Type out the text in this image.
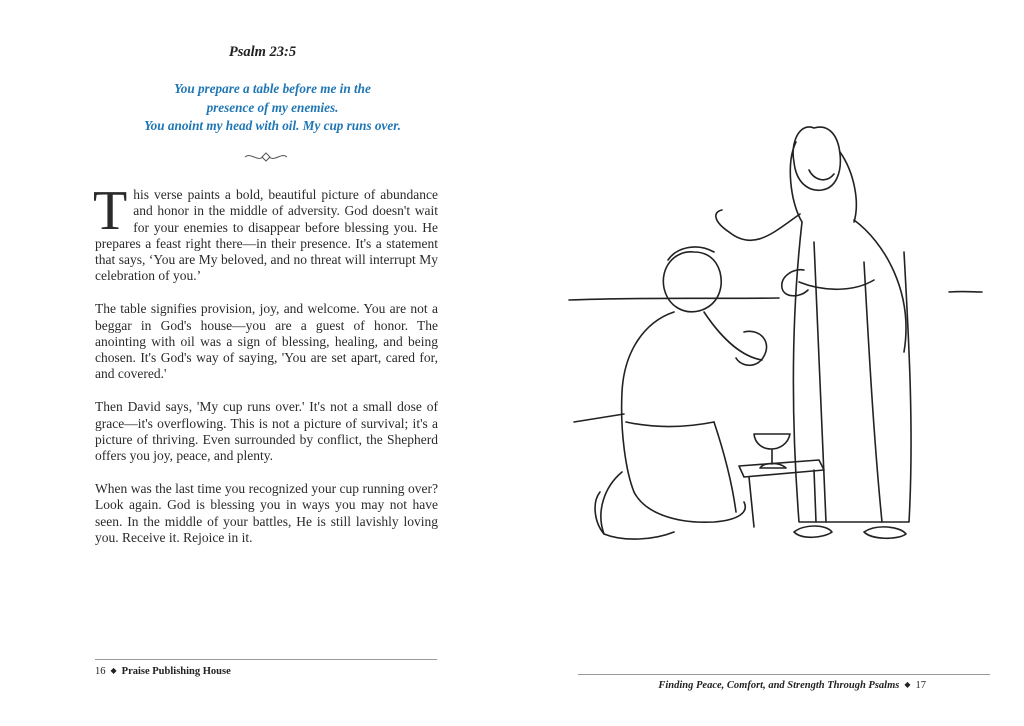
Psalm 23:5
You prepare a table before me in the
presence of my enemies.
You anoint my head with oil. My cup runs over.

This verse paints a bold, beautiful picture of abundance and honor in the middle of adversity. God doesn't wait for your enemies to disappear before blessing you. He prepares a feast right there—in their presence. It's a statement that says, ‘You are My beloved, and no threat will interrupt My celebration of you.’

The table signifies provision, joy, and welcome. You are not a beggar in God's house—you are a guest of honor. The anointing with oil was a sign of blessing, healing, and being chosen. It's God's way of saying, 'You are set apart, cared for, and covered.'

Then David says, 'My cup runs over.' It's not a small dose of grace—it's overflowing. This is not a picture of survival; it's a picture of thriving. Even surrounded by conflict, the Shepherd offers you joy, peace, and plenty.

When was the last time you recognized your cup running over? Look again. God is blessing you in ways you may not have seen. In the middle of your battles, He is still lavishly loving you. Receive it. Rejoice in it.

16 ◆ Praise Publishing House
Finding Peace, Comfort, and Strength Through Psalms ◆ 17
